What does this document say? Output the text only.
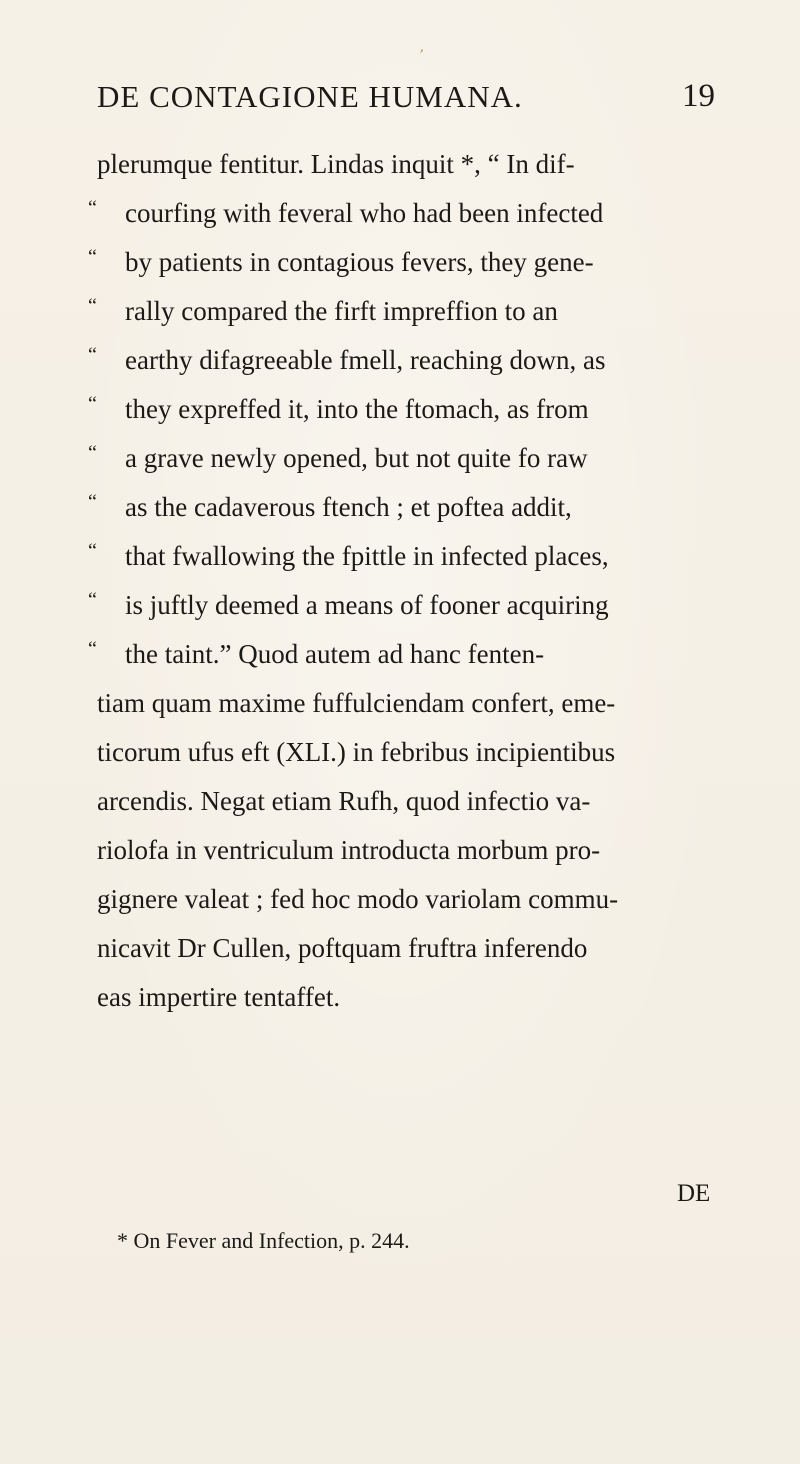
,
DE CONTAGIONE HUMANA.	19
plerumque fentitur. Lindas inquit *, “ In dif-
“	courfing with feveral who had been infected
“	by patients in contagious fevers, they gene-
“	rally compared the firft impreffion to an
“	earthy difagreeable fmell, reaching down, as
“	they expreffed it, into the ftomach, as from
“	a grave newly opened, but not quite fo raw
“	as the cadaverous ftench ; et poftea addit,
“	that fwallowing the fpittle in infected places,
“	is juftly deemed a means of fooner acquiring
“	the taint.” Quod autem ad hanc fenten-
tiam quam maxime fuffulciendam confert, eme-
ticorum ufus eft (XLI.) in febribus incipientibus
arcendis. Negat etiam Rufh, quod infectio va-
riolofa in ventriculum introducta morbum pro-
gignere valeat ; fed hoc modo variolam commu-
nicavit Dr Cullen, poftquam fruftra inferendo
eas impertire tentaffet.
DE
* On Fever and Infection, p. 244.
